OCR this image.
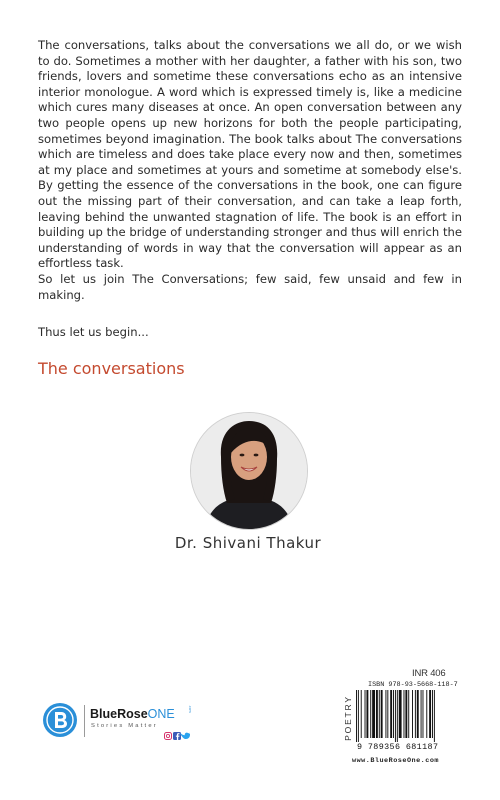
The conversations, talks about the conversations we all do, or we wish to do. Sometimes a mother with her daughter, a father with his son, two friends, lovers and sometime these conversations echo as an intensive interior monologue. A word which is expressed timely is, like a medicine which cures many diseases at once. An open conversation between any two people opens up new horizons for both the people participating, sometimes beyond imagination. The book talks about The conversations which are timeless and does take place every now and then, sometimes at my place and sometimes at yours and sometime at somebody else's. By getting the essence of the conversations in the book, one can figure out the missing part of their conversation, and can take a leap forth, leaving behind the unwanted stagnation of life. The book is an effort in building up the bridge of understanding stronger and thus will enrich the understanding of words in way that the conversation will appear as an effortless task.

So let us join The Conversations; few said, few unsaid and few in making.

Thus let us begin...

The conversations

Dr. Shivani Thakur

BlueRoseONE	.com
Stories Matter

INR 406

POETRY

ISBN 978-93-5668-118-7

9 789356 681187

www.BlueRoseOne.com
